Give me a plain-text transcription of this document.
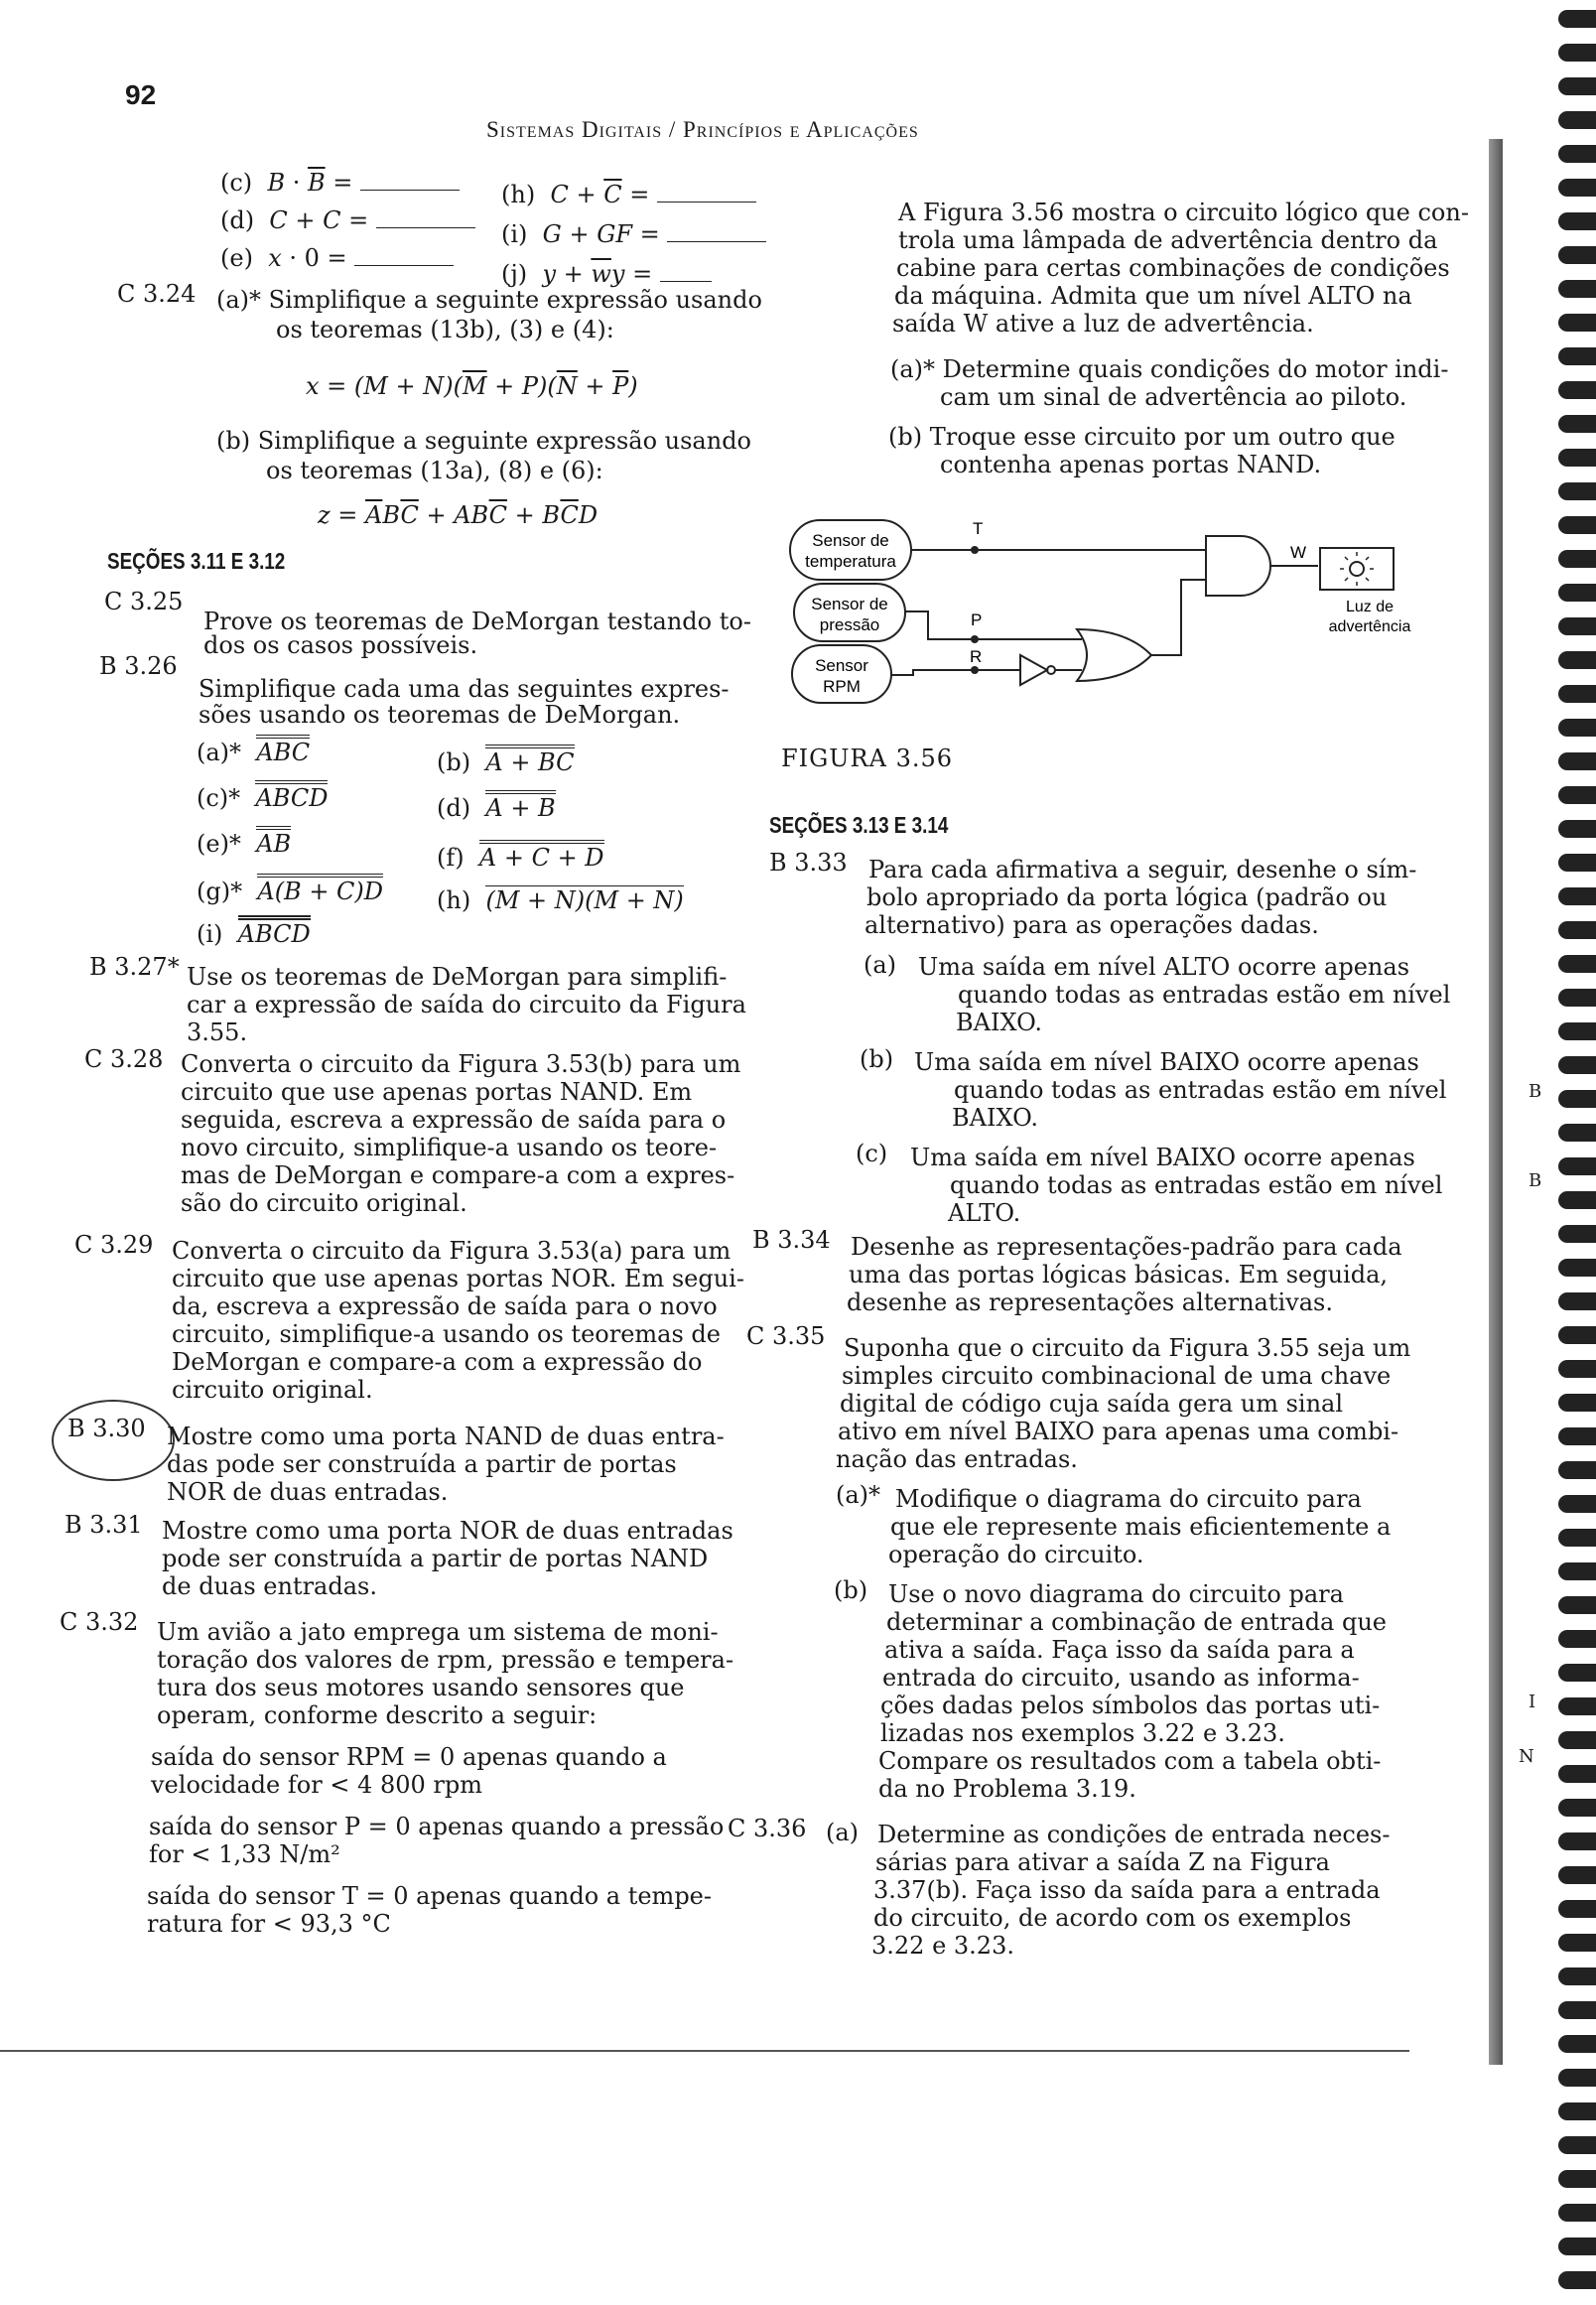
92
Sistemas Digitais / Princípios e Aplicações
(c) $B \cdot \overline{B}$ =
(d) C + C =
(e) x · 0 =
(h) $C + \overline{C}$ =
(i) G + GF =
(j) $y + \overline{w}y$ =
C 3.24 (a)* Simplifique a seguinte expressão usando
os teoremas (13b), (3) e (4):
$x = (M + N)(\overline{M} + P)(\overline{N} + \overline{P})$
(b) Simplifique a seguinte expressão usando
os teoremas (13a), (8) e (6):
$z = \overline{A}B\overline{C} + AB\overline{C} + B\overline{C}D$
SEÇÕES 3.11 E 3.12
C 3.25
Prove os teoremas de DeMorgan testando to-
dos os casos possíveis.
B 3.26
Simplifique cada uma das seguintes expres-
sões usando os teoremas de DeMorgan.
(a)* ABC	(b) A + BC
(c)* ABCD	(d) A + B
(e)* AB	(f) A + C + D
(g)* A(B + C)D (h) (M + N)(M + N)
(i) ABCD
B 3.27* Use os teoremas de DeMorgan para simplifi-
car a expressão de saída do circuito da Figura
3.55.
C 3.28 Converta o circuito da Figura 3.53(b) para um
circuito que use apenas portas NAND. Em
seguida, escreva a expressão de saída para o
novo circuito, simplifique-a usando os teore-
mas de DeMorgan e compare-a com a expres-
são do circuito original.
C 3.29 Converta o circuito da Figura 3.53(a) para um
circuito que use apenas portas NOR. Em segui-
da, escreva a expressão de saída para o novo
circuito, simplifique-a usando os teoremas de
DeMorgan e compare-a com a expressão do
circuito original.
B 3.30 Mostre como uma porta NAND de duas entra-
das pode ser construída a partir de portas
NOR de duas entradas.
B 3.31 Mostre como uma porta NOR de duas entradas
pode ser construída a partir de portas NAND
de duas entradas.
C 3.32 Um avião a jato emprega um sistema de moni-
toração dos valores de rpm, pressão e tempera-
tura dos seus motores usando sensores que
operam, conforme descrito a seguir:
saída do sensor RPM = 0 apenas quando a
velocidade for < 4 800 rpm
saída do sensor P = 0 apenas quando a pressão
for < 1,33 N/m²
saída do sensor T = 0 apenas quando a tempe-
ratura for < 93,3 °C
A Figura 3.56 mostra o circuito lógico que con-
trola uma lâmpada de advertência dentro da
cabine para certas combinações de condições
da máquina. Admita que um nível ALTO na
saída W ative a luz de advertência.
(a)* Determine quais condições do motor indi-
cam um sinal de advertência ao piloto.
(b) Troque esse circuito por um outro que
contenha apenas portas NAND.
Sensor de
temperatura
Sensor de
pressão
Sensor
RPM
T
P
R
W
Luz de
advertência
FIGURA 3.56
SEÇÕES 3.13 E 3.14
B 3.33 Para cada afirmativa a seguir, desenhe o sím-
bolo apropriado da porta lógica (padrão ou
alternativo) para as operações dadas.
(a) Uma saída em nível ALTO ocorre apenas
quando todas as entradas estão em nível
BAIXO.
(b) Uma saída em nível BAIXO ocorre apenas
quando todas as entradas estão em nível
BAIXO.
(c) Uma saída em nível BAIXO ocorre apenas
quando todas as entradas estão em nível
ALTO.
B 3.34 Desenhe as representações-padrão para cada
uma das portas lógicas básicas. Em seguida,
desenhe as representações alternativas.
C 3.35 Suponha que o circuito da Figura 3.55 seja um
simples circuito combinacional de uma chave
digital de código cuja saída gera um sinal
ativo em nível BAIXO para apenas uma combi-
nação das entradas.
(a)* Modifique o diagrama do circuito para
que ele represente mais eficientemente a
operação do circuito.
(b) Use o novo diagrama do circuito para
determinar a combinação de entrada que
ativa a saída. Faça isso da saída para a
entrada do circuito, usando as informa-
ções dadas pelos símbolos das portas uti-
lizadas nos exemplos 3.22 e 3.23.
Compare os resultados com a tabela obti-
da no Problema 3.19.
C 3.36 (a) Determine as condições de entrada neces-
sárias para ativar a saída Z na Figura
3.37(b). Faça isso da saída para a entrada
do circuito, de acordo com os exemplos
3.22 e 3.23.
B
B
I
N
